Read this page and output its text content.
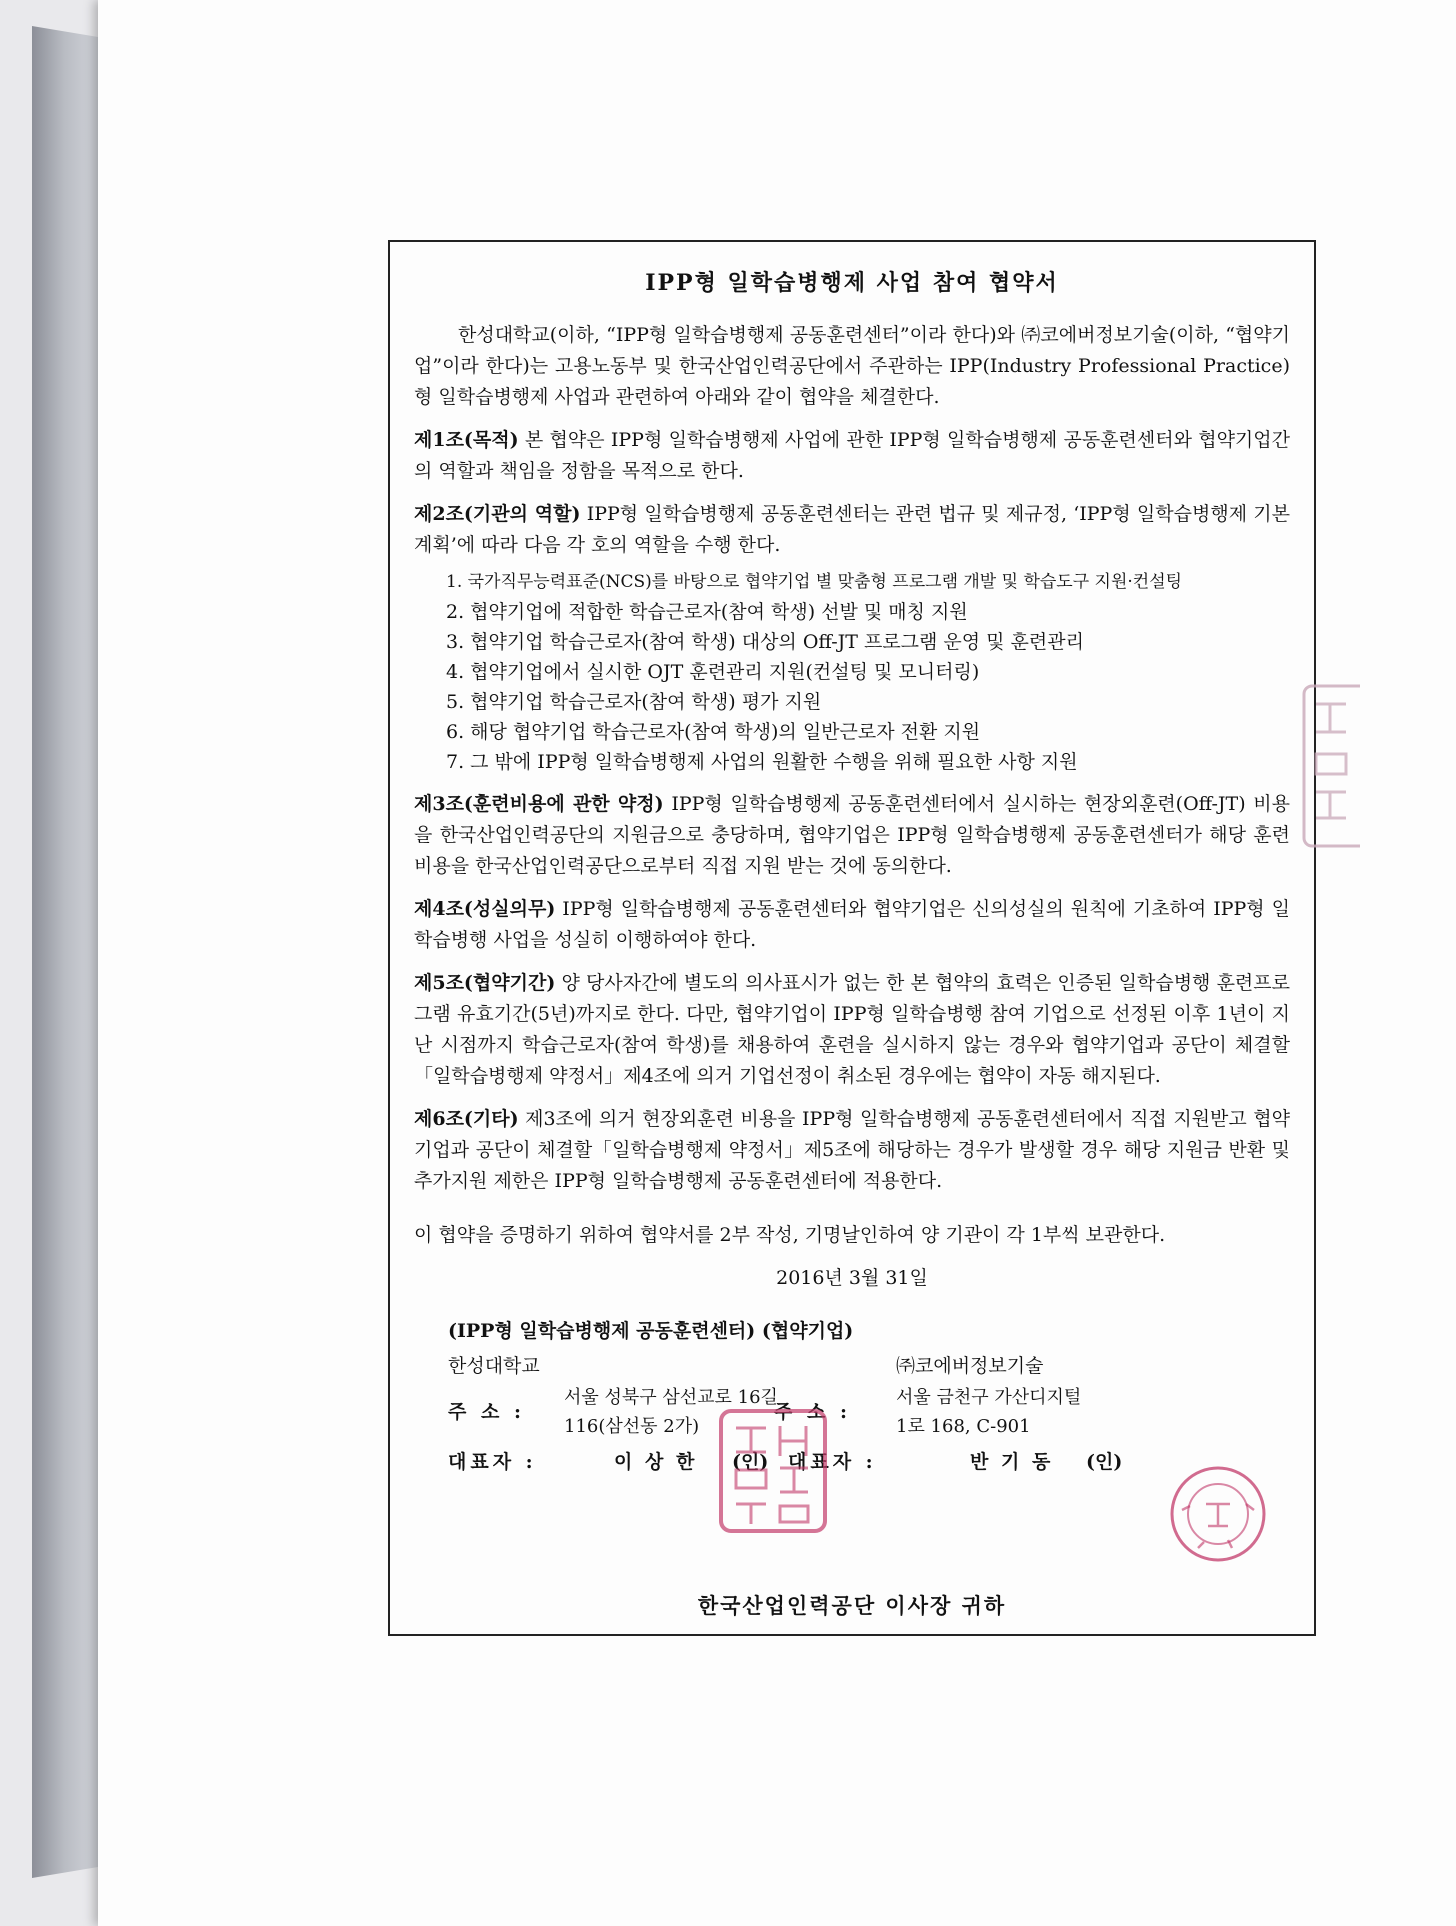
IPP형 일학습병행제 사업 참여 협약서

한성대학교(이하, “IPP형 일학습병행제 공동훈련센터”이라 한다)와 ㈜코에버정보기술(이하, “협약기업”이라 한다)는 고용노동부 및 한국산업인력공단에서 주관하는 IPP(Industry Professional Practice)형 일학습병행제 사업과 관련하여 아래와 같이 협약을 체결한다.

제1조(목적) 본 협약은 IPP형 일학습병행제 사업에 관한 IPP형 일학습병행제 공동훈련센터와 협약기업간의 역할과 책임을 정함을 목적으로 한다.
제2조(기관의 역할) IPP형 일학습병행제 공동훈련센터는 관련 법규 및 제규정, ‘IPP형 일학습병행제 기본 계획’에 따라 다음 각 호의 역할을 수행 한다.
1. 국가직무능력표준(NCS)를 바탕으로 협약기업 별 맞춤형 프로그램 개발 및 학습도구 지원·컨설팅
2. 협약기업에 적합한 학습근로자(참여 학생) 선발 및 매칭 지원
3. 협약기업 학습근로자(참여 학생) 대상의 Off-JT 프로그램 운영 및 훈련관리
4. 협약기업에서 실시한 OJT 훈련관리 지원(컨설팅 및 모니터링)
5. 협약기업 학습근로자(참여 학생) 평가 지원
6. 해당 협약기업 학습근로자(참여 학생)의 일반근로자 전환 지원
7. 그 밖에 IPP형 일학습병행제 사업의 원활한 수행을 위해 필요한 사항 지원
제3조(훈련비용에 관한 약정) IPP형 일학습병행제 공동훈련센터에서 실시하는 현장외훈련(Off-JT) 비용을 한국산업인력공단의 지원금으로 충당하며, 협약기업은 IPP형 일학습병행제 공동훈련센터가 해당 훈련비용을 한국산업인력공단으로부터 직접 지원 받는 것에 동의한다.
제4조(성실의무) IPP형 일학습병행제 공동훈련센터와 협약기업은 신의성실의 원칙에 기초하여 IPP형 일학습병행 사업을 성실히 이행하여야 한다.
제5조(협약기간) 양 당사자간에 별도의 의사표시가 없는 한 본 협약의 효력은 인증된 일학습병행 훈련프로그램 유효기간(5년)까지로 한다. 다만, 협약기업이 IPP형 일학습병행 참여 기업으로 선정된 이후 1년이 지난 시점까지 학습근로자(참여 학생)를 채용하여 훈련을 실시하지 않는 경우와 협약기업과 공단이 체결할「일학습병행제 약정서」제4조에 의거 기업선정이 취소된 경우에는 협약이 자동 해지된다.
제6조(기타) 제3조에 의거 현장외훈련 비용을 IPP형 일학습병행제 공동훈련센터에서 직접 지원받고 협약기업과 공단이 체결할「일학습병행제 약정서」제5조에 해당하는 경우가 발생할 경우 해당 지원금 반환 및 추가지원 제한은 IPP형 일학습병행제 공동훈련센터에 적용한다.

이 협약을 증명하기 위하여 협약서를 2부 작성, 기명날인하여 양 기관이 각 1부씩 보관한다.

2016년 3월 31일
(IPP형 일학습병행제 공동훈련센터) (협약기업)
한성대학교	㈜코에버정보기술
주 소 :
서울 성북구 삼선교로 16길
116(삼선동 2가)
주 소 :
서울 금천구 가산디지털
1로 168, C-901
대표자 :	이 상 한 (인) 대표자 :	반 기 동 (인)
한국산업인력공단 이사장 귀하
